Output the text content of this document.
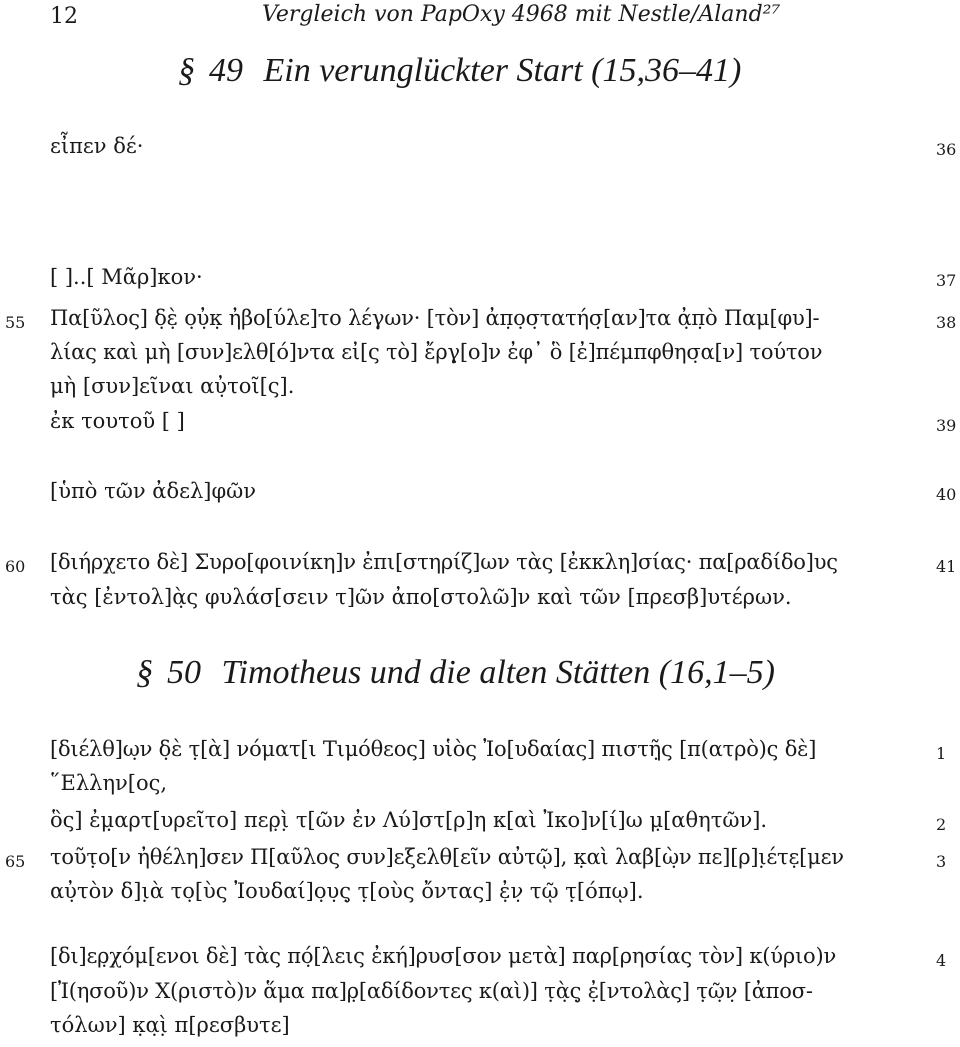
12	Vergleich von PapOxy 4968 mit Nestle/Aland²⁷
§ 49 Ein verunglückter Start (15,36–41)
εἶπεν δέ·	36
[ ]..[ Μᾶρ]κον·	37
55 Πα[ῦλος] δ̣ὲ̣ ο̣ὐ̣κ̣ ἠβο[ύλε]το λέγων· [τὸν] ἀπ̣ο̣σ̣τατήσ̣[αν]τα ἀ̣π̣ὸ Παμ[φυ]-	38
λίας καὶ μὴ [συν]ελθ[ό]ντα εἰ[ς τὸ] ἔργ̣[ο]ν ἐφ᾽ ὃ [ἐ]πέμπφθησ̣α[ν] τούτον
μὴ [συν]εῖναι αὐ̣τοῖ[ς].
ἐκ τουτοῦ [ ]	39
[ὑπὸ τῶν ἀδελ]φῶν	40
60 [διήρχετο δὲ] Συρο[φοινίκη]ν ἐπι[στηρίζ]ων τὰς [ἐκκλη]σίας· πα[ραδίδο]υς	41
τὰς [ἐντολ]ὰ̣ς φυλάσ[σειν τ]ῶν ἀπο[στολῶ]ν καὶ τῶν [πρεσβ]υτέρων.
§ 50 Timotheus und die alten Stätten (16,1–5)
[διέλθ]ω̣ν δ̣ὲ τ̣[ὰ] νόματ[ι Τιμόθεος] υἱὸς Ἰο[υδαίας] πιστῆ̣ς [π(ατρὸ)ς δὲ]	1
῞Ελλην[ος,
ὃς] ἐμ̣αρτ[υρεῖτο] περ̣ὶ̣ τ[ῶν ἐν Λύ]στ[ρ]η κ[αὶ Ἰκο]ν[ί]ω μ̣[αθητῶν].	2
65 τοῦτ̣ο[ν ἠθέλη]σεν Π[αῦλος συν]εξελθ[εῖν αὐτῷ], κ̣αὶ λαβ[ὼ̣ν πε][ρ]ι̣έτε̣[μεν	3
αὐ̣τὸν δ]ι̣ὰ το̣[ὺς Ἰουδαί]ο̣υ̣ς̣ τ̣[οὺς ὄντας] ἐ̣ν̣ τῷ τ̣[όπῳ].
[δι]ερ̣χόμ[ενοι δὲ] τὰς πό̣[λεις ἐκή]ρυσ[σον μετὰ] παρ[ρησίας τὸν] κ(ύριο)ν	4
[Ἰ(ησοῦ)ν Χ(ριστὸ)ν ἅμα πα]ρ̣[αδίδοντες κ(αὶ)] τ̣ὰ̣ς̣ ἐ̣[ντολὰς] τ̣ῶ̣ν̣ [ἀποσ-
τόλων] κ̣α̣ὶ̣ π[ρεσβυτε]
